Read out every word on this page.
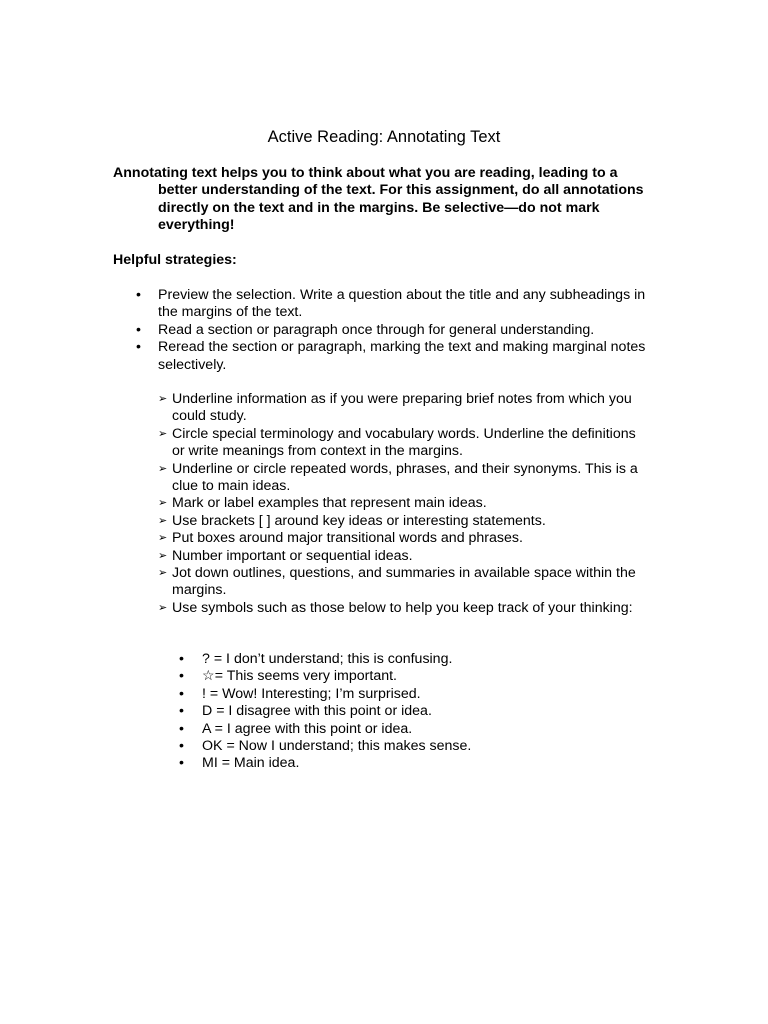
Active Reading: Annotating Text
Annotating text helps you to think about what you are reading, leading to a better understanding of the text. For this assignment, do all annotations directly on the text and in the margins. Be selective—do not mark everything!
Helpful strategies:
• Preview the selection. Write a question about the title and any subheadings in the margins of the text.
• Read a section or paragraph once through for general understanding.
• Reread the section or paragraph, marking the text and making marginal notes selectively.
➢ Underline information as if you were preparing brief notes from which you could study.
➢ Circle special terminology and vocabulary words. Underline the definitions or write meanings from context in the margins.
➢ Underline or circle repeated words, phrases, and their synonyms. This is a clue to main ideas.
➢ Mark or label examples that represent main ideas.
➢ Use brackets [ ] around key ideas or interesting statements.
➢ Put boxes around major transitional words and phrases.
➢ Number important or sequential ideas.
➢ Jot down outlines, questions, and summaries in available space within the margins.
➢ Use symbols such as those below to help you keep track of your thinking:
• ? = I don’t understand; this is confusing.
• ☆= This seems very important.
• ! = Wow! Interesting; I’m surprised.
• D = I disagree with this point or idea.
• A = I agree with this point or idea.
• OK = Now I understand; this makes sense.
• MI = Main idea.
